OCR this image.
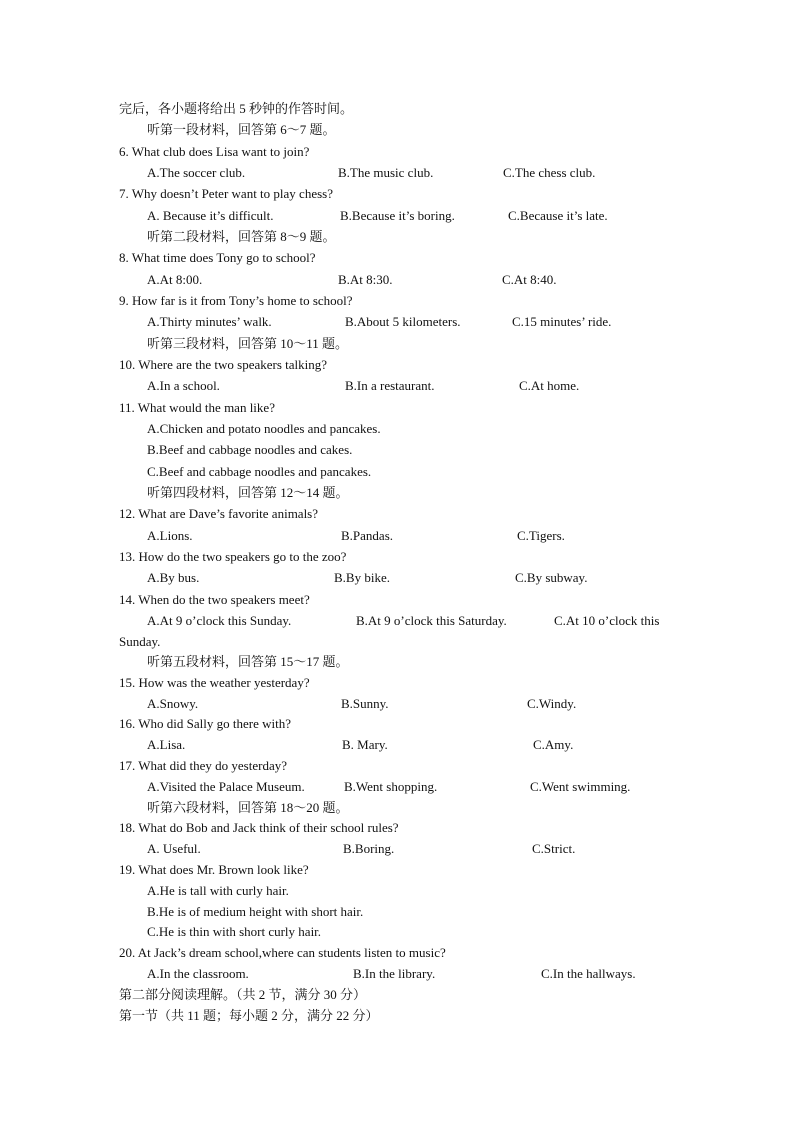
完后，各小题将给出 5 秒钟的作答时间。
听第一段材料，回答第 6～7 题。
6. What club does Lisa want to join?
A.The soccer club.	B.The music club.	C.The chess club.
7. Why doesn’t Peter want to play chess?
A. Because it’s difficult.	B.Because it’s boring.	C.Because it’s late.
听第二段材料，回答第 8～9 题。
8. What time does Tony go to school?
A.At 8:00.	B.At 8:30.	C.At 8:40.
9. How far is it from Tony’s home to school?
A.Thirty minutes’ walk.	B.About 5 kilometers.	C.15 minutes’ ride.
听第三段材料，回答第 10～11 题。
10. Where are the two speakers talking?
A.In a school.	B.In a restaurant.	C.At home.
11. What would the man like?
A.Chicken and potato noodles and pancakes.
B.Beef and cabbage noodles and cakes.
C.Beef and cabbage noodles and pancakes.
听第四段材料，回答第 12～14 题。
12. What are Dave’s favorite animals?
A.Lions.	B.Pandas.	C.Tigers.
13. How do the two speakers go to the zoo?
A.By bus.	B.By bike.	C.By subway.
14. When do the two speakers meet?
A.At 9 o’clock this Sunday.	B.At 9 o’clock this Saturday.	C.At 10 o’clock this
Sunday.
听第五段材料，回答第 15～17 题。
15. How was the weather yesterday?
A.Snowy.	B.Sunny.	C.Windy.
16. Who did Sally go there with?
A.Lisa.	B. Mary.	C.Amy.
17. What did they do yesterday?
A.Visited the Palace Museum.	B.Went shopping.	C.Went swimming.
听第六段材料，回答第 18～20 题。
18. What do Bob and Jack think of their school rules?
A. Useful.	B.Boring.	C.Strict.
19. What does Mr. Brown look like?
A.He is tall with curly hair.
B.He is of medium height with short hair.
C.He is thin with short curly hair.
20. At Jack’s dream school,where can students listen to music?
A.In the classroom.	B.In the library.	C.In the hallways.
第二部分阅读理解。（共 2 节，满分 30 分）
第一节（共 11 题；每小题 2 分，满分 22 分）
